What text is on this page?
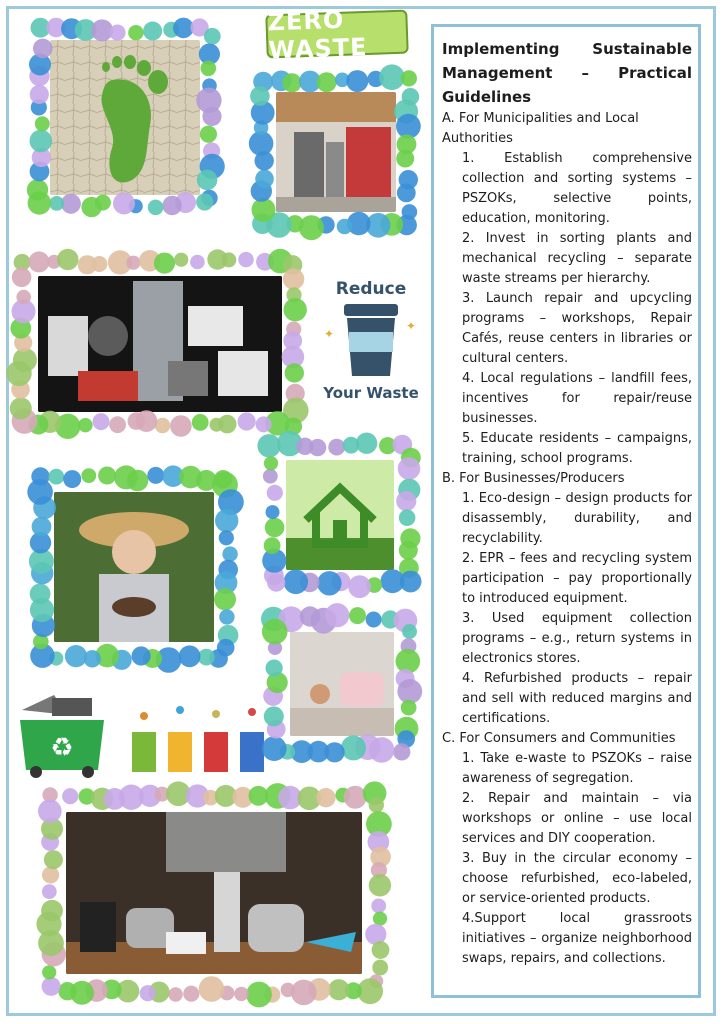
ZERO WASTE
Reduce
Your Waste
✦
✦
♻
Implementing Sustainable Management – Practical Guidelines

A. For Municipalities and Local Authorities

1. Establish comprehensive collection and sorting systems – PSZOKs, selective points, education, monitoring.

2. Invest in sorting plants and mechanical recycling – separate waste streams per hierarchy.

3. Launch repair and upcycling programs – workshops, Repair Cafés, reuse centers in libraries or cultural centers.

4. Local regulations – landfill fees, incentives for repair/reuse businesses.

5. Educate residents – campaigns, training, school programs.

B. For Businesses/Producers

1. Eco-design – design products for disassembly, durability, and recyclability.

2. EPR – fees and recycling system participation – pay proportionally to introduced equipment.

3. Used equipment collection programs – e.g., return systems in electronics stores.

4. Refurbished products – repair and sell with reduced margins and certifications.

C. For Consumers and Communities

1. Take e-waste to PSZOKs – raise awareness of segregation.

2. Repair and maintain – via workshops or online – use local services and DIY cooperation.

3. Buy in the circular economy – choose refurbished, eco-labeled, or service-oriented products.

4.Support local grassroots initiatives – organize neighborhood swaps, repairs, and collections.
